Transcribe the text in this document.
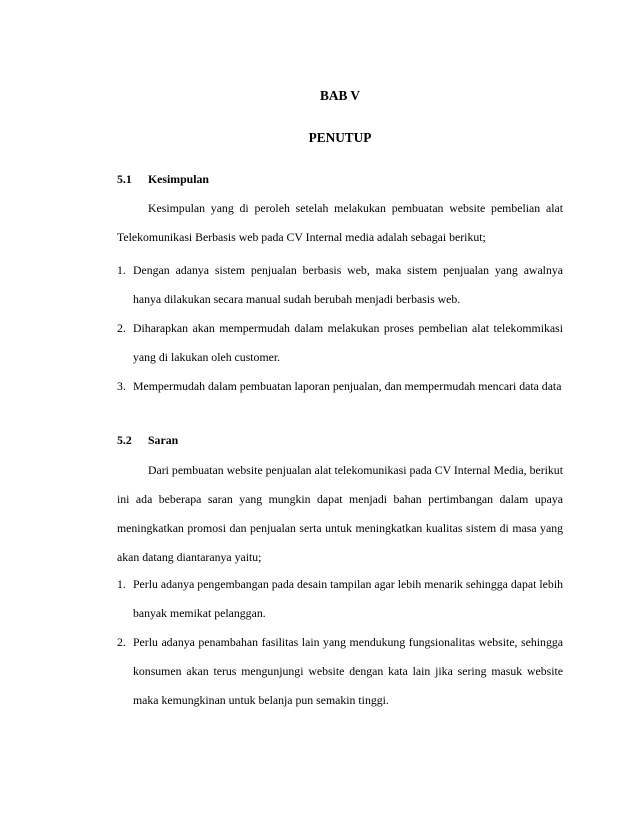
BAB V
PENUTUP
5.1 Kesimpulan
Kesimpulan yang di peroleh setelah melakukan pembuatan website pembelian alat Telekomunikasi Berbasis web pada CV Internal media adalah sebagai berikut;
1. Dengan adanya sistem penjualan berbasis web, maka sistem penjualan yang awalnya hanya dilakukan secara manual sudah berubah menjadi berbasis web.
2. Diharapkan akan mempermudah dalam melakukan proses pembelian alat telekommikasi yang di lakukan oleh customer.
3. Mempermudah dalam pembuatan laporan penjualan, dan mempermudah mencari data data
5.2 Saran
Dari pembuatan website penjualan alat telekomunikasi pada CV Internal Media, berikut ini ada beberapa saran yang mungkin dapat menjadi bahan pertimbangan dalam upaya meningkatkan promosi dan penjualan serta untuk meningkatkan kualitas sistem di masa yang akan datang diantaranya yaitu;
1. Perlu adanya pengembangan pada desain tampilan agar lebih menarik sehingga dapat lebih banyak memikat pelanggan.
2. Perlu adanya penambahan fasilitas lain yang mendukung fungsionalitas website, sehingga konsumen akan terus mengunjungi website dengan kata lain jika sering masuk website maka kemungkinan untuk belanja pun semakin tinggi.
